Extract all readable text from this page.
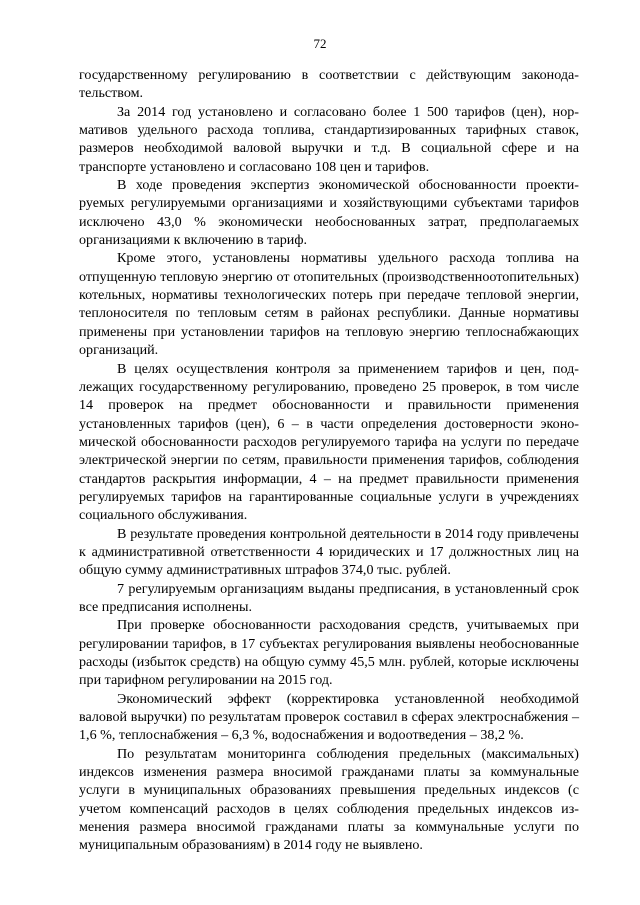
72

государственному регулированию в соответствии с действующим законодательством.

За 2014 год установлено и согласовано более 1 500 тарифов (цен), нормативов удельного расхода топлива, стандартизированных тарифных ставок, размеров необходимой валовой выручки и т.д. В социальной сфере и на транспорте установлено и согласовано 108 цен и тарифов.

В ходе проведения экспертиз экономической обоснованности проектируемых регулируемыми организациями и хозяйствующими субъектами тарифов исключено 43,0 % экономически необоснованных затрат, предполагаемых организациями к включению в тариф.

Кроме этого, установлены нормативы удельного расхода топлива на отпущенную тепловую энергию от отопительных (производственноотопительных) котельных, нормативы технологических потерь при передаче тепловой энергии, теплоносителя по тепловым сетям в районах республики. Данные нормативы применены при установлении тарифов на тепловую энергию теплоснабжающих организаций.

В целях осуществления контроля за применением тарифов и цен, подлежащих государственному регулированию, проведено 25 проверок, в том числе 14 проверок на предмет обоснованности и правильности применения установленных тарифов (цен), 6 – в части определения достоверности экономической обоснованности расходов регулируемого тарифа на услуги по передаче электрической энергии по сетям, правильности применения тарифов, соблюдения стандартов раскрытия информации, 4 – на предмет правильности применения регулируемых тарифов на гарантированные социальные услуги в учреждениях социального обслуживания.

В результате проведения контрольной деятельности в 2014 году привлечены к административной ответственности 4 юридических и 17 должностных лиц на общую сумму административных штрафов 374,0 тыс. рублей.

7 регулируемым организациям выданы предписания, в установленный срок все предписания исполнены.

При проверке обоснованности расходования средств, учитываемых при регулировании тарифов, в 17 субъектах регулирования выявлены необоснованные расходы (избыток средств) на общую сумму 45,5 млн. рублей, которые исключены при тарифном регулировании на 2015 год.

Экономический эффект (корректировка установленной необходимой валовой выручки) по результатам проверок составил в сферах электроснабжения – 1,6 %, теплоснабжения – 6,3 %, водоснабжения и водоотведения – 38,2 %.

По результатам мониторинга соблюдения предельных (максимальных) индексов изменения размера вносимой гражданами платы за коммунальные услуги в муниципальных образованиях превышения предельных индексов (с учетом компенсаций расходов в целях соблюдения предельных индексов изменения размера вносимой гражданами платы за коммунальные услуги по муниципальным образованиям) в 2014 году не выявлено.
